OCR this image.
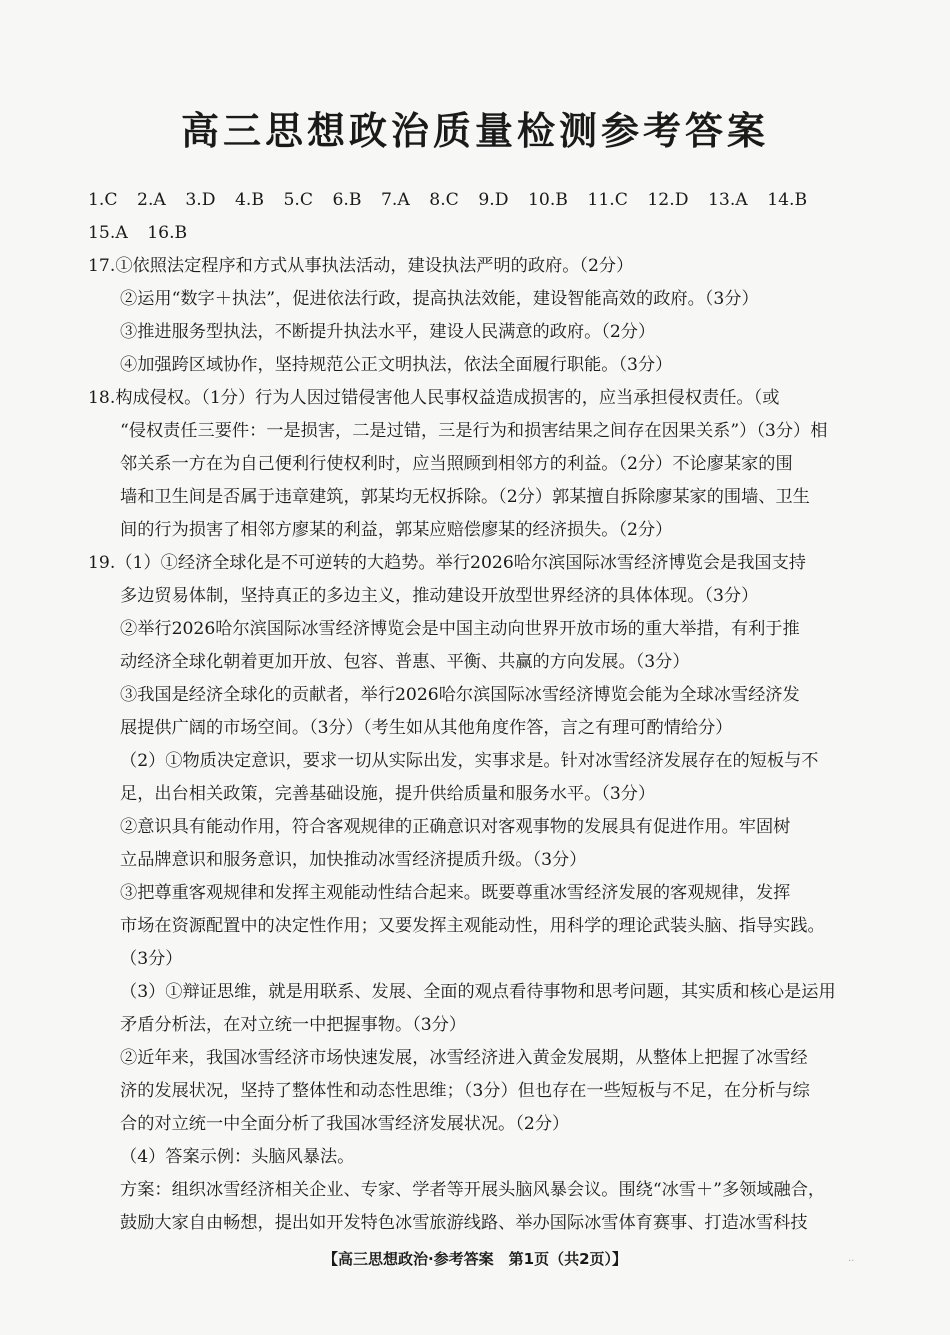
高三思想政治质量检测参考答案
1.C 2.A 3.D 4.B 5.C 6.B 7.A 8.C 9.D 10.B 11.C 12.D 13.A 14.B
15.A 16.B
17.①依照法定程序和方式从事执法活动，建设执法严明的政府。（2分）
②运用“数字＋执法”，促进依法行政，提高执法效能，建设智能高效的政府。（3分）
③推进服务型执法，不断提升执法水平，建设人民满意的政府。（2分）
④加强跨区域协作，坚持规范公正文明执法，依法全面履行职能。（3分）
18.构成侵权。（1分）行为人因过错侵害他人民事权益造成损害的，应当承担侵权责任。（或
“侵权责任三要件：一是损害，二是过错，三是行为和损害结果之间存在因果关系”）（3分）相
邻关系一方在为自己便利行使权利时，应当照顾到相邻方的利益。（2分）不论廖某家的围
墙和卫生间是否属于违章建筑，郭某均无权拆除。（2分）郭某擅自拆除廖某家的围墙、卫生
间的行为损害了相邻方廖某的利益，郭某应赔偿廖某的经济损失。（2分）
19.（1）①经济全球化是不可逆转的大趋势。举行2026哈尔滨国际冰雪经济博览会是我国支持
多边贸易体制，坚持真正的多边主义，推动建设开放型世界经济的具体体现。（3分）
②举行2026哈尔滨国际冰雪经济博览会是中国主动向世界开放市场的重大举措，有利于推
动经济全球化朝着更加开放、包容、普惠、平衡、共赢的方向发展。（3分）
③我国是经济全球化的贡献者，举行2026哈尔滨国际冰雪经济博览会能为全球冰雪经济发
展提供广阔的市场空间。（3分）（考生如从其他角度作答，言之有理可酌情给分）
（2）①物质决定意识，要求一切从实际出发，实事求是。针对冰雪经济发展存在的短板与不
足，出台相关政策，完善基础设施，提升供给质量和服务水平。（3分）
②意识具有能动作用，符合客观规律的正确意识对客观事物的发展具有促进作用。牢固树
立品牌意识和服务意识，加快推动冰雪经济提质升级。（3分）
③把尊重客观规律和发挥主观能动性结合起来。既要尊重冰雪经济发展的客观规律，发挥
市场在资源配置中的决定性作用；又要发挥主观能动性，用科学的理论武装头脑、指导实践。
（3分）
（3）①辩证思维，就是用联系、发展、全面的观点看待事物和思考问题，其实质和核心是运用
矛盾分析法，在对立统一中把握事物。（3分）
②近年来，我国冰雪经济市场快速发展，冰雪经济进入黄金发展期，从整体上把握了冰雪经
济的发展状况，坚持了整体性和动态性思维；（3分）但也存在一些短板与不足，在分析与综
合的对立统一中全面分析了我国冰雪经济发展状况。（2分）
（4）答案示例：头脑风暴法。
方案：组织冰雪经济相关企业、专家、学者等开展头脑风暴会议。围绕“冰雪＋”多领域融合，
鼓励大家自由畅想，提出如开发特色冰雪旅游线路、举办国际冰雪体育赛事、打造冰雪科技
【高三思想政治·参考答案　第1页（共2页）】	··
